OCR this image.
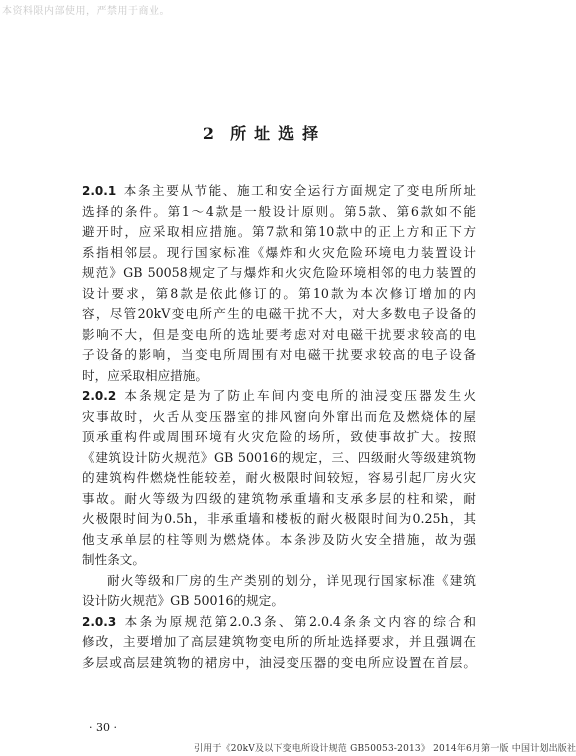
本资料限内部使用，严禁用于商业。
2 所址选择
2.0.1 本条主要从节能、施工和安全运行方面规定了变电所所址
选择的条件。第1～4款是一般设计原则。第5款、第6款如不能
避开时，应采取相应措施。第7款和第10款中的正上方和正下方
系指相邻层。现行国家标准《爆炸和火灾危险环境电力装置设计
规范》GB 50058规定了与爆炸和火灾危险环境相邻的电力装置的
设计要求，第8款是依此修订的。第10款为本次修订增加的内
容，尽管20kV变电所产生的电磁干扰不大，对大多数电子设备的
影响不大，但是变电所的选址要考虑对对电磁干扰要求较高的电
子设备的影响，当变电所周围有对电磁干扰要求较高的电子设备
时，应采取相应措施。
2.0.2 本条规定是为了防止车间内变电所的油浸变压器发生火
灾事故时，火舌从变压器室的排风窗向外窜出而危及燃烧体的屋
顶承重构件或周围环境有火灾危险的场所，致使事故扩大。按照
《建筑设计防火规范》GB 50016的规定，三、四级耐火等级建筑物
的建筑构件燃烧性能较差，耐火极限时间较短，容易引起厂房火灾
事故。耐火等级为四级的建筑物承重墙和支承多层的柱和梁，耐
火极限时间为0.5h，非承重墙和楼板的耐火极限时间为0.25h，其
他支承单层的柱等则为燃烧体。本条涉及防火安全措施，故为强
制性条文。
耐火等级和厂房的生产类别的划分，详见现行国家标准《建筑
设计防火规范》GB 50016的规定。
2.0.3 本条为原规范第2.0.3条、第2.0.4条条文内容的综合和
修改，主要增加了高层建筑物变电所的所址选择要求，并且强调在
多层或高层建筑物的裙房中，油浸变压器的变电所应设置在首层。
· 30 ·
引用于《20kV及以下变电所设计规范 GB50053-2013》 2014年6月第一版 中国计划出版社
